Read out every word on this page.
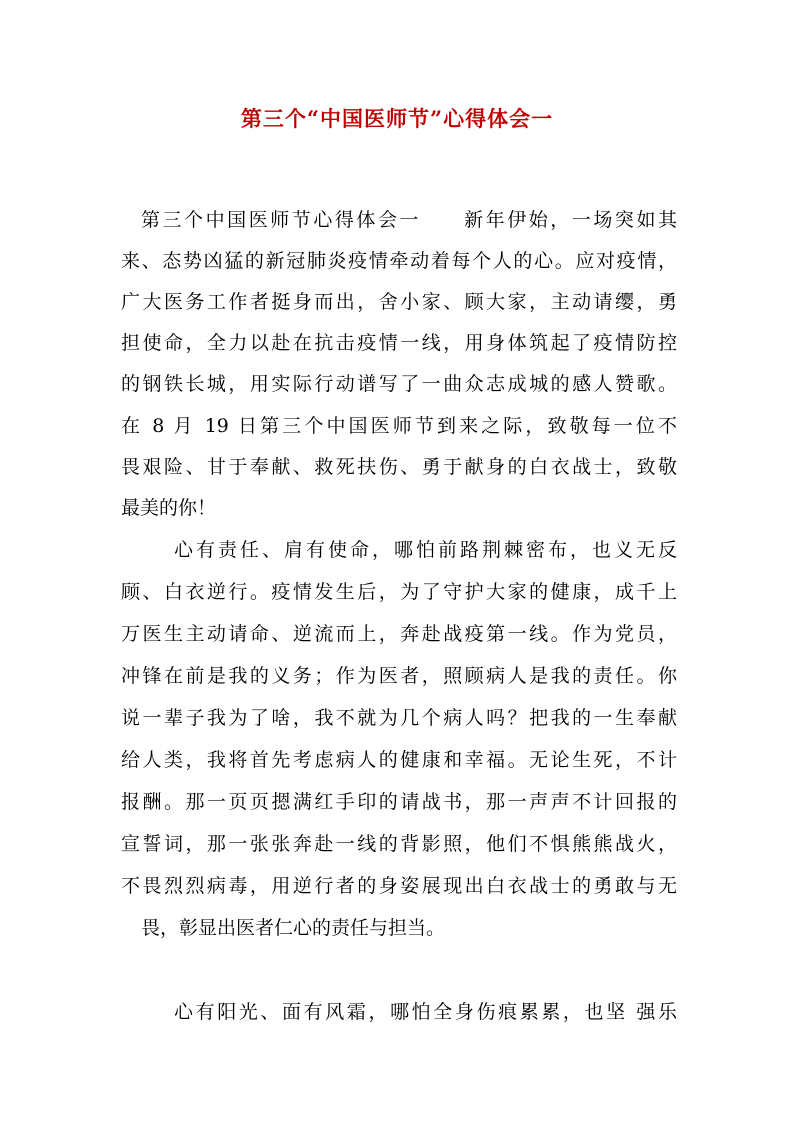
第三个“中国医师节”心得体会一

第三个中国医师节心得体会一　　新年伊始，一场突如其

来、态势凶猛的新冠肺炎疫情牵动着每个人的心。应对疫情，

广大医务工作者挺身而出，舍小家、顾大家，主动请缨，勇

担使命，全力以赴在抗击疫情一线，用身体筑起了疫情防控

的钢铁长城，用实际行动谱写了一曲众志成城的感人赞歌。

在 8 月 19 日第三个中国医师节到来之际，致敬每一位不

畏艰险、甘于奉献、救死扶伤、勇于献身的白衣战士，致敬

最美的你！

心有责任、肩有使命，哪怕前路荆棘密布，也义无反

顾、白衣逆行。疫情发生后，为了守护大家的健康，成千上

万医生主动请命、逆流而上，奔赴战疫第一线。作为党员，

冲锋在前是我的义务；作为医者，照顾病人是我的责任。你

说一辈子我为了啥，我不就为几个病人吗？把我的一生奉献

给人类，我将首先考虑病人的健康和幸福。无论生死，不计

报酬。那一页页摁满红手印的请战书，那一声声不计回报的

宣誓词，那一张张奔赴一线的背影照，他们不惧熊熊战火，

不畏烈烈病毒，用逆行者的身姿展现出白衣战士的勇敢与无

畏，彰显出医者仁心的责任与担当。

心有阳光、面有风霜，哪怕全身伤痕累累，也坚 强乐
